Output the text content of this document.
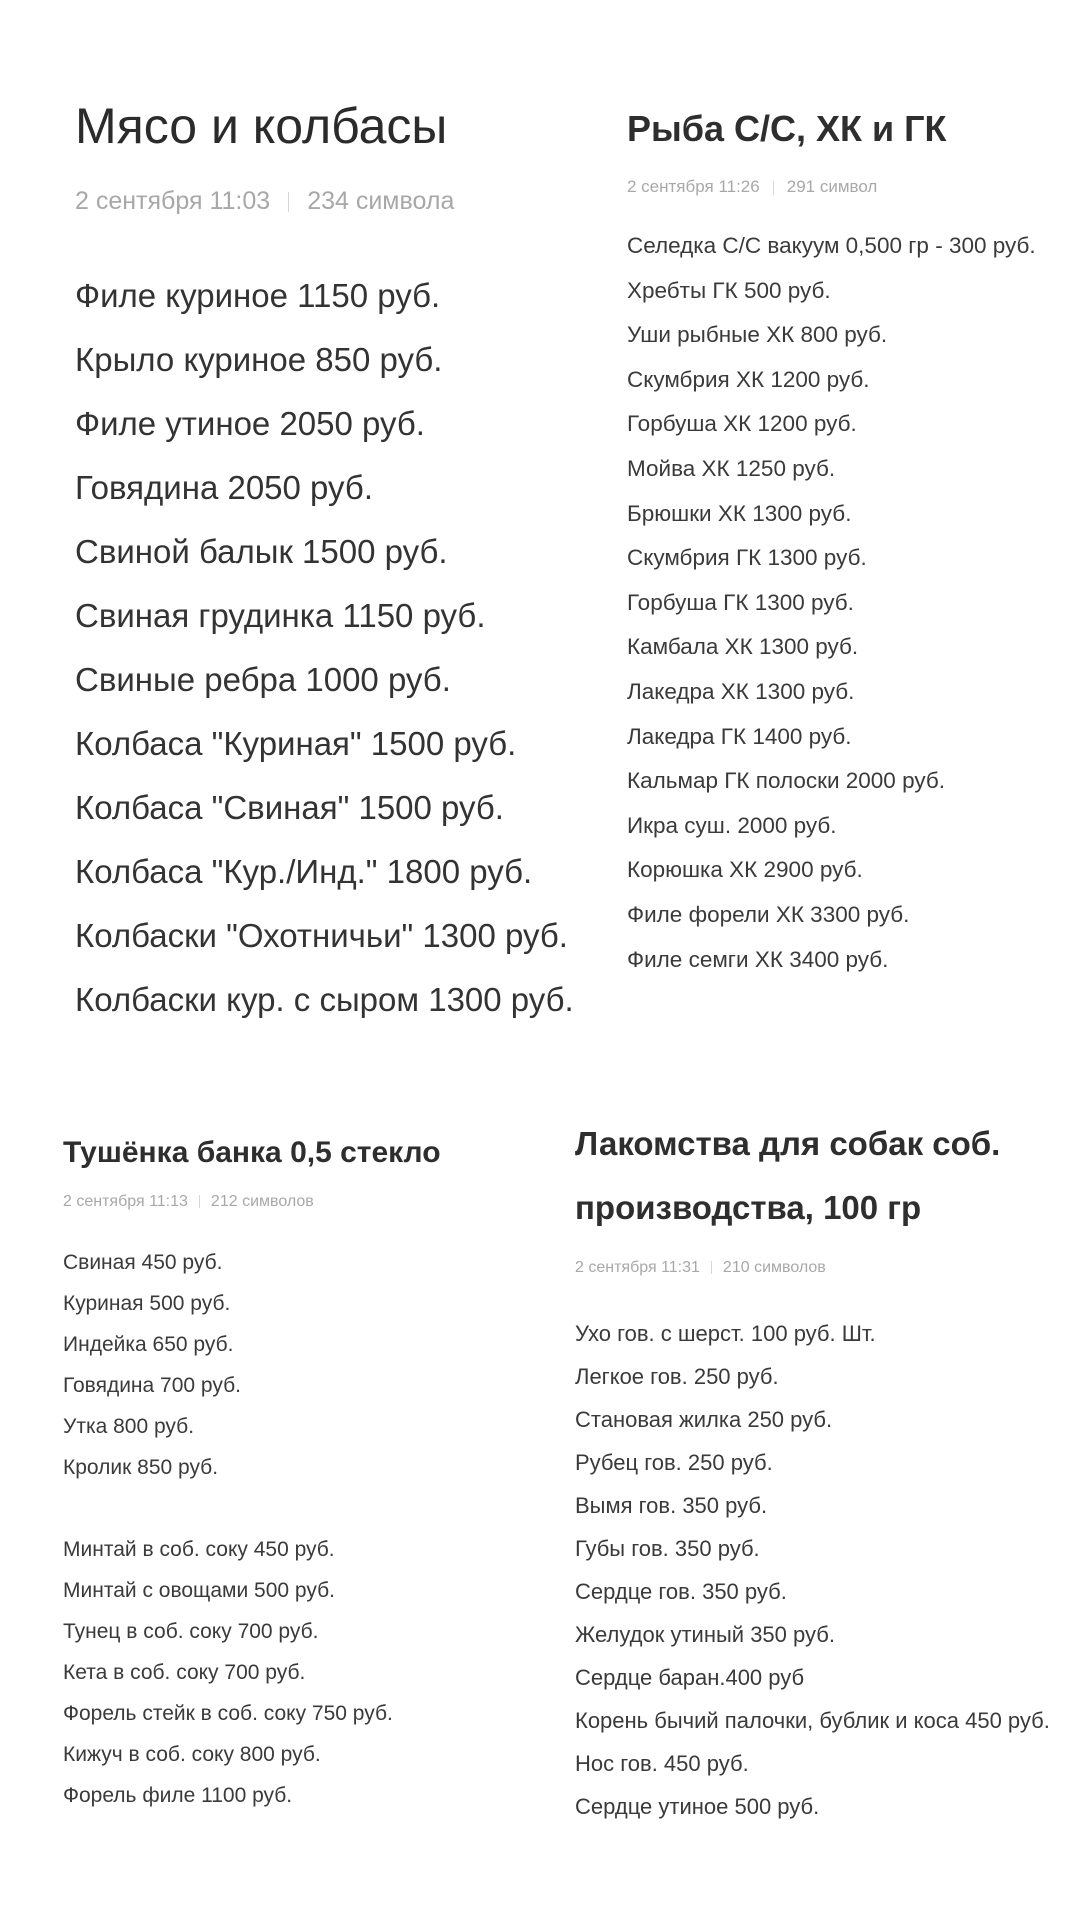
Мясо и колбасы
2 сентября 11:03 234 символа
Филе куриное 1150 руб.
Крыло куриное 850 руб.
Филе утиное 2050 руб.
Говядина 2050 руб.
Свиной балык 1500 руб.
Свиная грудинка 1150 руб.
Свиные ребра 1000 руб.
Колбаса "Куриная" 1500 руб.
Колбаса "Свиная" 1500 руб.
Колбаса "Кур./Инд." 1800 руб.
Колбаски "Охотничьи" 1300 руб.
Колбаски кур. с сыром 1300 руб.
Рыба С/С, ХК и ГК
2 сентября 11:26 291 символ
Селедка С/С вакуум 0,500 гр - 300 руб.
Хребты ГК 500 руб.
Уши рыбные ХК 800 руб.
Скумбрия ХК 1200 руб.
Горбуша ХК 1200 руб.
Мойва ХК 1250 руб.
Брюшки ХК 1300 руб.
Скумбрия ГК 1300 руб.
Горбуша ГК 1300 руб.
Камбала ХК 1300 руб.
Лакедра ХК 1300 руб.
Лакедра ГК 1400 руб.
Кальмар ГК полоски 2000 руб.
Икра суш. 2000 руб.
Корюшка ХК 2900 руб.
Филе форели ХК 3300 руб.
Филе семги ХК 3400 руб.
Тушёнка банка 0,5 стекло
2 сентября 11:13 212 символов
Свиная 450 руб.
Куриная 500 руб.
Индейка 650 руб.
Говядина 700 руб.
Утка 800 руб.
Кролик 850 руб.
Минтай в соб. соку 450 руб.
Минтай с овощами 500 руб.
Тунец в соб. соку 700 руб.
Кета в соб. соку 700 руб.
Форель стейк в соб. соку 750 руб.
Кижуч в соб. соку 800 руб.
Форель филе 1100 руб.
Лакомства для собак соб. производства, 100 гр
2 сентября 11:31 210 символов
Ухо гов. с шерст. 100 руб. Шт.
Легкое гов. 250 руб.
Становая жилка 250 руб.
Рубец гов. 250 руб.
Вымя гов. 350 руб.
Губы гов. 350 руб.
Сердце гов. 350 руб.
Желудок утиный 350 руб.
Сердце баран.400 руб
Корень бычий палочки, бублик и коса 450 руб.
Нос гов. 450 руб.
Сердце утиное 500 руб.
